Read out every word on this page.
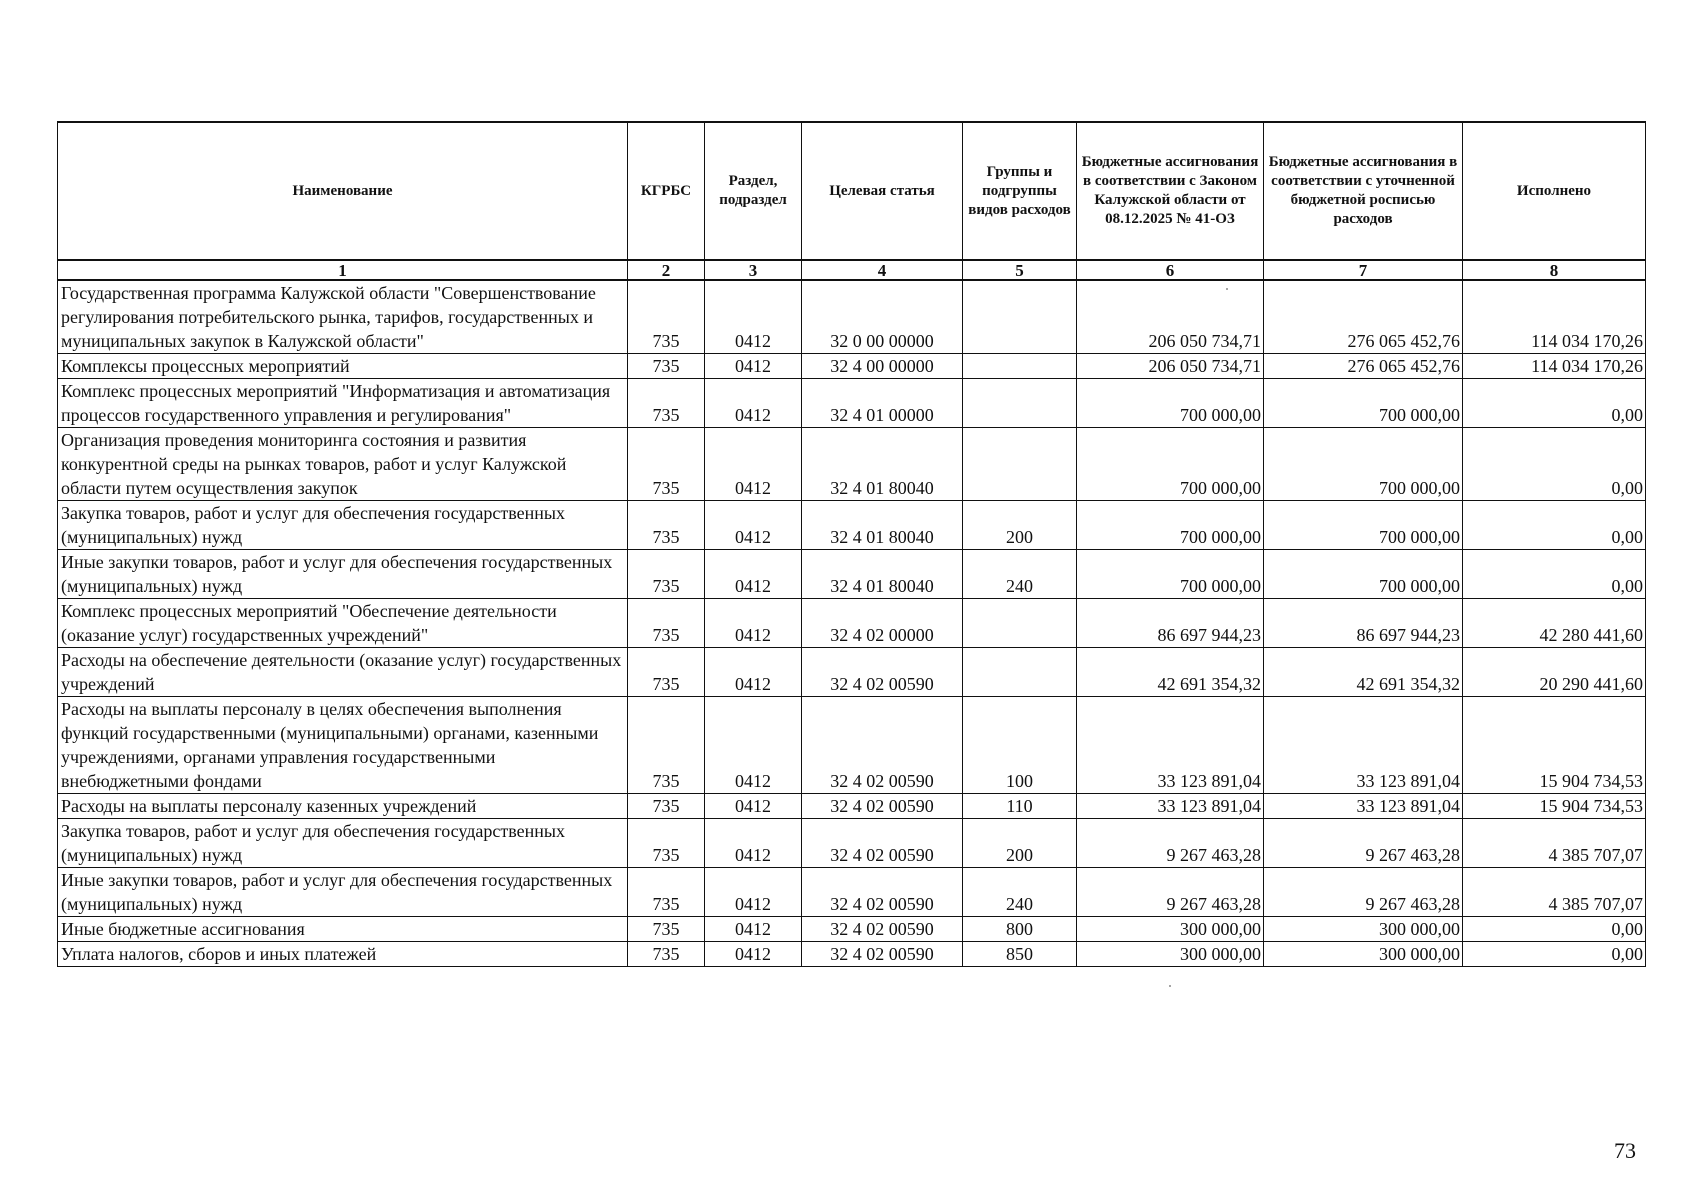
Наименование	КГРБС	Раздел, подраздел	Целевая статья	Группы и подгруппы видов расходов	Бюджетные ассигнования в соответствии с Законом Калужской области от 08.12.2025 № 41-ОЗ	Бюджетные ассигнования в соответствии с уточненной бюджетной росписью расходов	Исполнено
1	2	3	4	5	6	7	8
Государственная программа Калужской области "Совершенствование регулирования потребительского рынка, тарифов, государственных и муниципальных закупок в Калужской области"	735	0412	32 0 00 00000		206 050 734,71	276 065 452,76	114 034 170,26
Комплексы процессных мероприятий	735	0412	32 4 00 00000		206 050 734,71	276 065 452,76	114 034 170,26
Комплекс процессных мероприятий "Информатизация и автоматизация процессов государственного управления и регулирования"	735	0412	32 4 01 00000		700 000,00	700 000,00	0,00
Организация проведения мониторинга состояния и развития конкурентной среды на рынках товаров, работ и услуг Калужской области путем осуществления закупок	735	0412	32 4 01 80040		700 000,00	700 000,00	0,00
Закупка товаров, работ и услуг для обеспечения государственных (муниципальных) нужд	735	0412	32 4 01 80040	200	700 000,00	700 000,00	0,00
Иные закупки товаров, работ и услуг для обеспечения государственных (муниципальных) нужд	735	0412	32 4 01 80040	240	700 000,00	700 000,00	0,00
Комплекс процессных мероприятий "Обеспечение деятельности (оказание услуг) государственных учреждений"	735	0412	32 4 02 00000		86 697 944,23	86 697 944,23	42 280 441,60
Расходы на обеспечение деятельности (оказание услуг) государственных учреждений	735	0412	32 4 02 00590		42 691 354,32	42 691 354,32	20 290 441,60
Расходы на выплаты персоналу в целях обеспечения выполнения функций государственными (муниципальными) органами, казенными учреждениями, органами управления государственными внебюджетными фондами	735	0412	32 4 02 00590	100	33 123 891,04	33 123 891,04	15 904 734,53
Расходы на выплаты персоналу казенных учреждений	735	0412	32 4 02 00590	110	33 123 891,04	33 123 891,04	15 904 734,53
Закупка товаров, работ и услуг для обеспечения государственных (муниципальных) нужд	735	0412	32 4 02 00590	200	9 267 463,28	9 267 463,28	4 385 707,07
Иные закупки товаров, работ и услуг для обеспечения государственных (муниципальных) нужд	735	0412	32 4 02 00590	240	9 267 463,28	9 267 463,28	4 385 707,07
Иные бюджетные ассигнования	735	0412	32 4 02 00590	800	300 000,00	300 000,00	0,00
Уплата налогов, сборов и иных платежей	735	0412	32 4 02 00590	850	300 000,00	300 000,00	0,00
73
